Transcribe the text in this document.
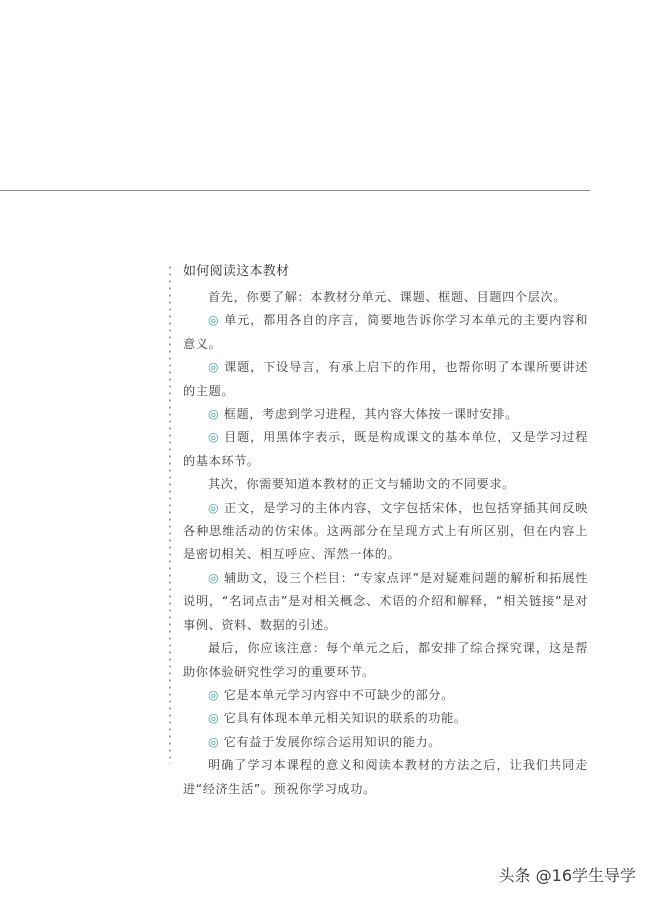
如何阅读这本教材

首先，你要了解：本教材分单元、课题、框题、目题四个层次。

◎ 单元，都用各自的序言，简要地告诉你学习本单元的主要内容和意义。

◎ 课题，下设导言，有承上启下的作用，也帮你明了本课所要讲述的主题。

◎ 框题，考虑到学习进程，其内容大体按一课时安排。

◎ 目题，用黑体字表示，既是构成课文的基本单位，又是学习过程的基本环节。

其次，你需要知道本教材的正文与辅助文的不同要求。

◎ 正文，是学习的主体内容，文字包括宋体，也包括穿插其间反映各种思维活动的仿宋体。这两部分在呈现方式上有所区别，但在内容上是密切相关、相互呼应、浑然一体的。

◎ 辅助文，设三个栏目：“专家点评”是对疑难问题的解析和拓展性说明，“名词点击”是对相关概念、术语的介绍和解释，“相关链接”是对事例、资料、数据的引述。

最后，你应该注意：每个单元之后，都安排了综合探究课，这是帮助你体验研究性学习的重要环节。

◎ 它是本单元学习内容中不可缺少的部分。

◎ 它具有体现本单元相关知识的联系的功能。

◎ 它有益于发展你综合运用知识的能力。

明确了学习本课程的意义和阅读本教材的方法之后，让我们共同走进“经济生活”。预祝你学习成功。

头条 @16学生导学
